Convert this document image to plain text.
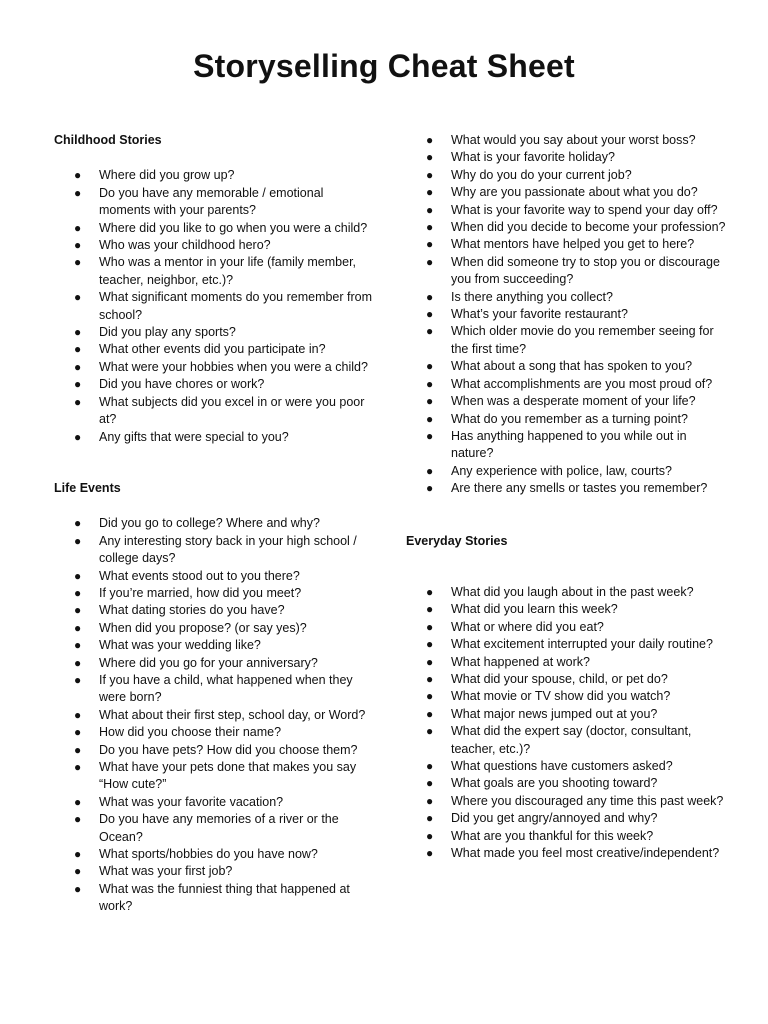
Storyselling Cheat Sheet
Childhood Stories
● Where did you grow up?
● Do you have any memorable / emotional moments with your parents?
● Where did you like to go when you were a child?
● Who was your childhood hero?
● Who was a mentor in your life (family member, teacher, neighbor, etc.)?
● What significant moments do you remember from school?
● Did you play any sports?
● What other events did you participate in?
● What were your hobbies when you were a child?
● Did you have chores or work?
● What subjects did you excel in or were you poor at?
● Any gifts that were special to you?
Life Events
● Did you go to college? Where and why?
● Any interesting story back in your high school / college days?
● What events stood out to you there?
● If you’re married, how did you meet?
● What dating stories do you have?
● When did you propose? (or say yes)?
● What was your wedding like?
● Where did you go for your anniversary?
● If you have a child, what happened when they were born?
● What about their first step, school day, or Word?
● How did you choose their name?
● Do you have pets? How did you choose them?
● What have your pets done that makes you say “How cute?”
● What was your favorite vacation?
● Do you have any memories of a river or the Ocean?
● What sports/hobbies do you have now?
● What was your first job?
● What was the funniest thing that happened at work?
● What would you say about your worst boss?
● What is your favorite holiday?
● Why do you do your current job?
● Why are you passionate about what you do?
● What is your favorite way to spend your day off?
● When did you decide to become your profession?
● What mentors have helped you get to here?
● When did someone try to stop you or discourage you from succeeding?
● Is there anything you collect?
● What’s your favorite restaurant?
● Which older movie do you remember seeing for the first time?
● What about a song that has spoken to you?
● What accomplishments are you most proud of?
● When was a desperate moment of your life?
● What do you remember as a turning point?
● Has anything happened to you while out in nature?
● Any experience with police, law, courts?
● Are there any smells or tastes you remember?
Everyday Stories
● What did you laugh about in the past week?
● What did you learn this week?
● What or where did you eat?
● What excitement interrupted your daily routine?
● What happened at work?
● What did your spouse, child, or pet do?
● What movie or TV show did you watch?
● What major news jumped out at you?
● What did the expert say (doctor, consultant, teacher, etc.)?
● What questions have customers asked?
● What goals are you shooting toward?
● Where you discouraged any time this past week?
● Did you get angry/annoyed and why?
● What are you thankful for this week?
● What made you feel most creative/independent?
